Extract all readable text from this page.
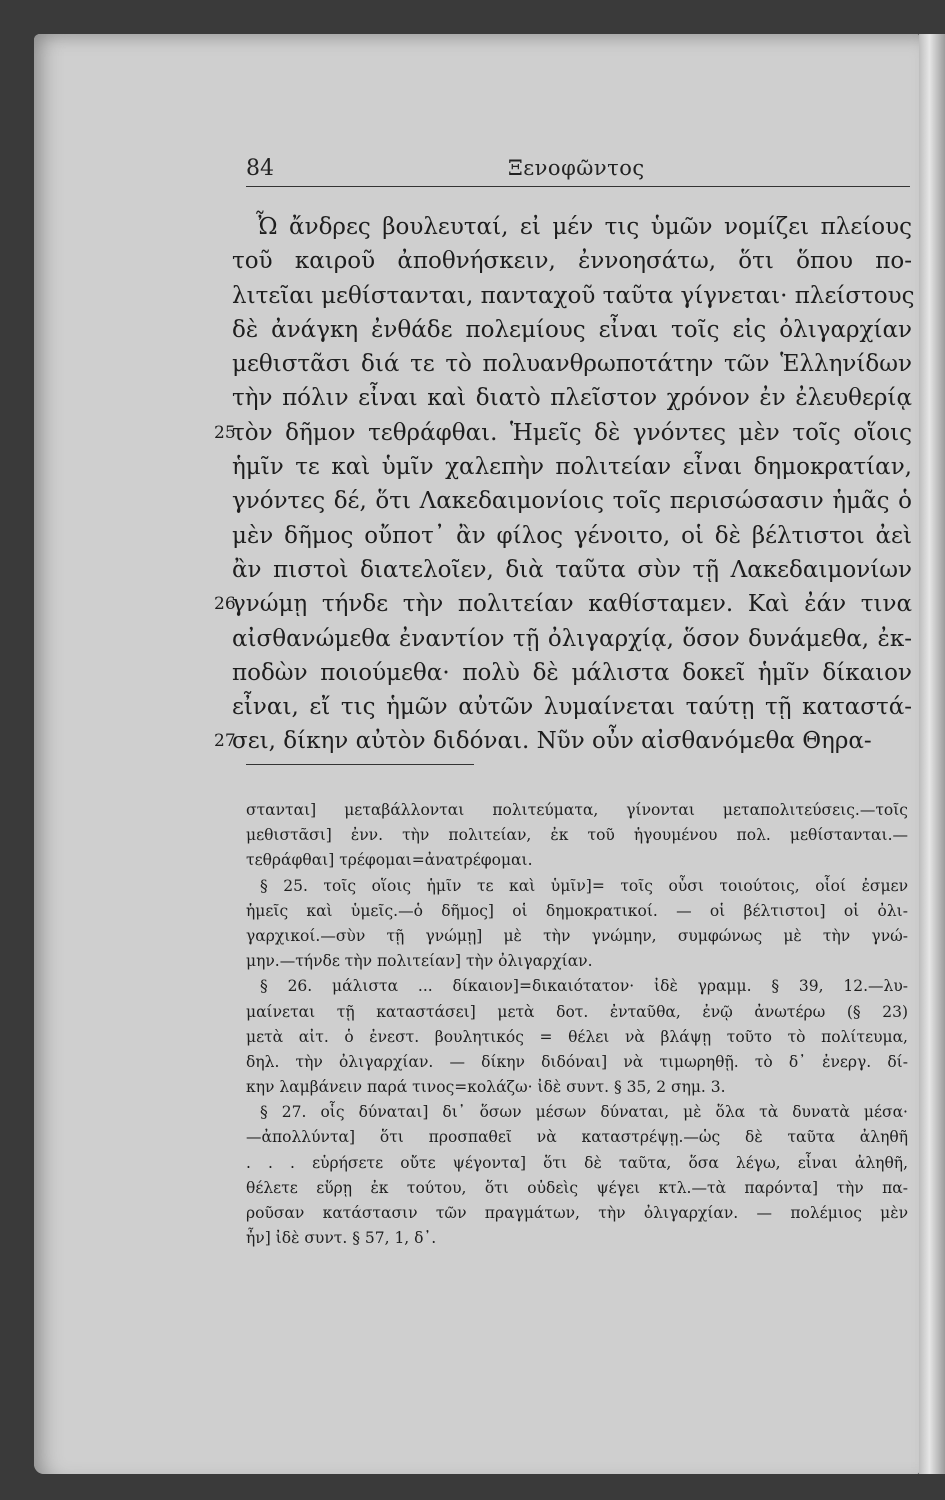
84	Ξενοφῶντος
Ὦ ἄνδρες βουλευταί, εἰ μέν τις ὑμῶν νομίζει πλείους
τοῦ καιροῦ ἀποθνήσκειν, ἐννοησάτω, ὅτι ὅπου πο-
λιτεῖαι μεθίστανται, πανταχοῦ ταῦτα γίγνεται· πλείστους
δὲ ἀνάγκη ἐνθάδε πολεμίους εἶναι τοῖς εἰς ὀλιγαρχίαν
μεθιστᾶσι διά τε τὸ πολυανθρωποτάτην τῶν Ἑλληνίδων
τὴν πόλιν εἶναι καὶ διατὸ πλεῖστον χρόνον ἐν ἐλευθερίᾳ
25
τὸν δῆμον τεθράφθαι. Ἡμεῖς δὲ γνόντες μὲν τοῖς οἵοις
ἡμῖν τε καὶ ὑμῖν χαλεπὴν πολιτείαν εἶναι δημοκρατίαν,
γνόντες δέ, ὅτι Λακεδαιμονίοις τοῖς περισώσασιν ἡμᾶς ὁ
μὲν δῆμος οὔποτ᾽ ἂν φίλος γένοιτο, οἱ δὲ βέλτιστοι ἀεὶ
ἂν πιστοὶ διατελοῖεν, διὰ ταῦτα σὺν τῇ Λακεδαιμονίων
26
γνώμῃ τήνδε τὴν πολιτείαν καθίσταμεν. Καὶ ἐάν τινα
αἰσθανώμεθα ἐναντίον τῇ ὀλιγαρχίᾳ, ὅσον δυνάμεθα, ἐκ-
ποδὼν ποιούμεθα· πολὺ δὲ μάλιστα δοκεῖ ἡμῖν δίκαιον
εἶναι, εἴ τις ἡμῶν αὐτῶν λυμαίνεται ταύτῃ τῇ καταστά-
27
σει, δίκην αὐτὸν διδόναι. Νῦν οὖν αἰσθανόμεθα Θηρα-
στανται] μεταβάλλονται πολιτεύματα, γίνονται μεταπολιτεύσεις.—τοῖς
μεθιστᾶσι] ἐνν. τὴν πολιτείαν, ἐκ τοῦ ἡγουμένου πολ. μεθίστανται.—
τεθράφθαι] τρέφομαι=ἀνατρέφομαι.
§ 25. τοῖς οἵοις ἡμῖν τε καὶ ὑμῖν]= τοῖς οὖσι τοιούτοις, οἷοί ἐσμεν
ἡμεῖς καὶ ὑμεῖς.—ὁ δῆμος] οἱ δημοκρατικοί. — οἱ βέλτιστοι] οἱ ὀλι-
γαρχικοί.—σὺν τῇ γνώμῃ] μὲ τὴν γνώμην, συμφώνως μὲ τὴν γνώ-
μην.—τήνδε τὴν πολιτείαν] τὴν ὀλιγαρχίαν.
§ 26. μάλιστα ... δίκαιον]=δικαιότατον· ἰδὲ γραμμ. § 39, 12.—λυ-
μαίνεται τῇ καταστάσει] μετὰ δοτ. ἐνταῦθα, ἐνῷ ἀνωτέρω (§ 23)
μετὰ αἰτ. ὁ ἐνεστ. βουλητικός = θέλει νὰ βλάψῃ τοῦτο τὸ πολίτευμα,
δηλ. τὴν ὀλιγαρχίαν. — δίκην διδόναι] νὰ τιμωρηθῇ. τὸ δ᾽ ἐνεργ. δί-
κην λαμβάνειν παρά τινος=κολάζω· ἰδὲ συντ. § 35, 2 σημ. 3.
§ 27. οἷς δύναται] δι᾽ ὅσων μέσων δύναται, μὲ ὅλα τὰ δυνατὰ μέσα·
—ἀπολλύντα] ὅτι προσπαθεῖ νὰ καταστρέψῃ.—ὡς δὲ ταῦτα ἀληθῆ
. . . εὑρήσετε οὔτε ψέγοντα] ὅτι δὲ ταῦτα, ὅσα λέγω, εἶναι ἀληθῆ,
θέλετε εὕρῃ ἐκ τούτου, ὅτι οὐδεὶς ψέγει κτλ.—τὰ παρόντα] τὴν πα-
ροῦσαν κατάστασιν τῶν πραγμάτων, τὴν ὀλιγαρχίαν. — πολέμιος μὲν
ἦν] ἰδὲ συντ. § 57, 1, δ᾽.
